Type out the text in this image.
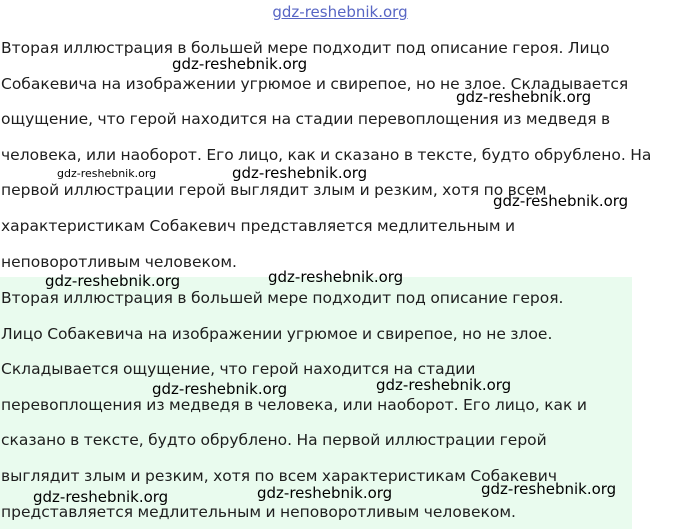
gdz-reshebnik.org

Вторая иллюстрация в большей мере подходит под описание героя. Лицо
Собакевича на изображении угрюмое и свирепое, но не злое. Складывается
ощущение, что герой находится на стадии перевоплощения из медведя в
человека, или наоборот. Его лицо, как и сказано в тексте, будто обрублено. На
первой иллюстрации герой выглядит злым и резким, хотя по всем
характеристикам Собакевич представляется медлительным и
неповоротливым человеком.

Вторая иллюстрация в большей мере подходит под описание героя.
Лицо Собакевича на изображении угрюмое и свирепое, но не злое.
Складывается ощущение, что герой находится на стадии
перевоплощения из медведя в человека, или наоборот. Его лицо, как и
сказано в тексте, будто обрублено. На первой иллюстрации герой
выглядит злым и резким, хотя по всем характеристикам Собакевич
представляется медлительным и неповоротливым человеком.

gdz-reshebnik.org
gdz-reshebnik.org
gdz-reshebnik.org	gdz-reshebnik.org
gdz-reshebnik.org
gdz-reshebnik.org	gdz-reshebnik.org
gdz-reshebnik.org	gdz-reshebnik.org
gdz-reshebnik.org	gdz-reshebnik.org	gdz-reshebnik.org
